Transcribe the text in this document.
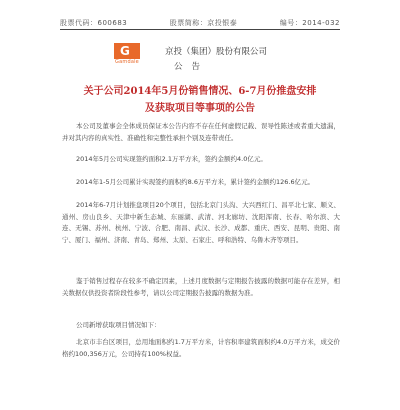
股票代码：600683	股票简称：京投银泰	编号：2014-032
G
Gamdale
京投（集团）股份有限公司
公告
关于公司2014年5月份销售情况、6-7月份推盘安排
及获取项目等事项的公告

本公司及董事会全体成员保证本公告内容不存在任何虚假记载、误导性陈述或者重大遗漏，并对其内容的真实性、准确性和完整性承担个别及连带责任。

2014年5月公司实现签约面积2.1万平方米，签约金额约4.0亿元。

2014年1-5月公司累计实现签约面积约8.6万平方米，累计签约金额约126.6亿元。

2014年6-7月计划推盘项目20个项目，包括北京门头沟、大兴西红门、昌平北七家、顺义、通州、房山良乡、天津中新生态城、东丽湖、武清、河北廊坊、沈阳浑南、长春、哈尔滨、大连、无锡、苏州、杭州、宁波、合肥、南昌、武汉、长沙、成都、重庆、西安、昆明、贵阳、南宁、厦门、福州、济南、青岛、郑州、太原、石家庄、呼和浩特、乌鲁木齐等项目。

鉴于销售过程存在较多不确定因素，上述月度数据与定期报告披露的数据可能存在差异，相关数据仅供投资者阶段性参考，请以公司定期报告披露的数据为准。

公司新增获取项目情况如下：

北京市丰台区项目，总用地面积约1.7万平方米，计容积率建筑面积约4.0万平方米，成交价格约100,356万元，公司持有100%权益。
